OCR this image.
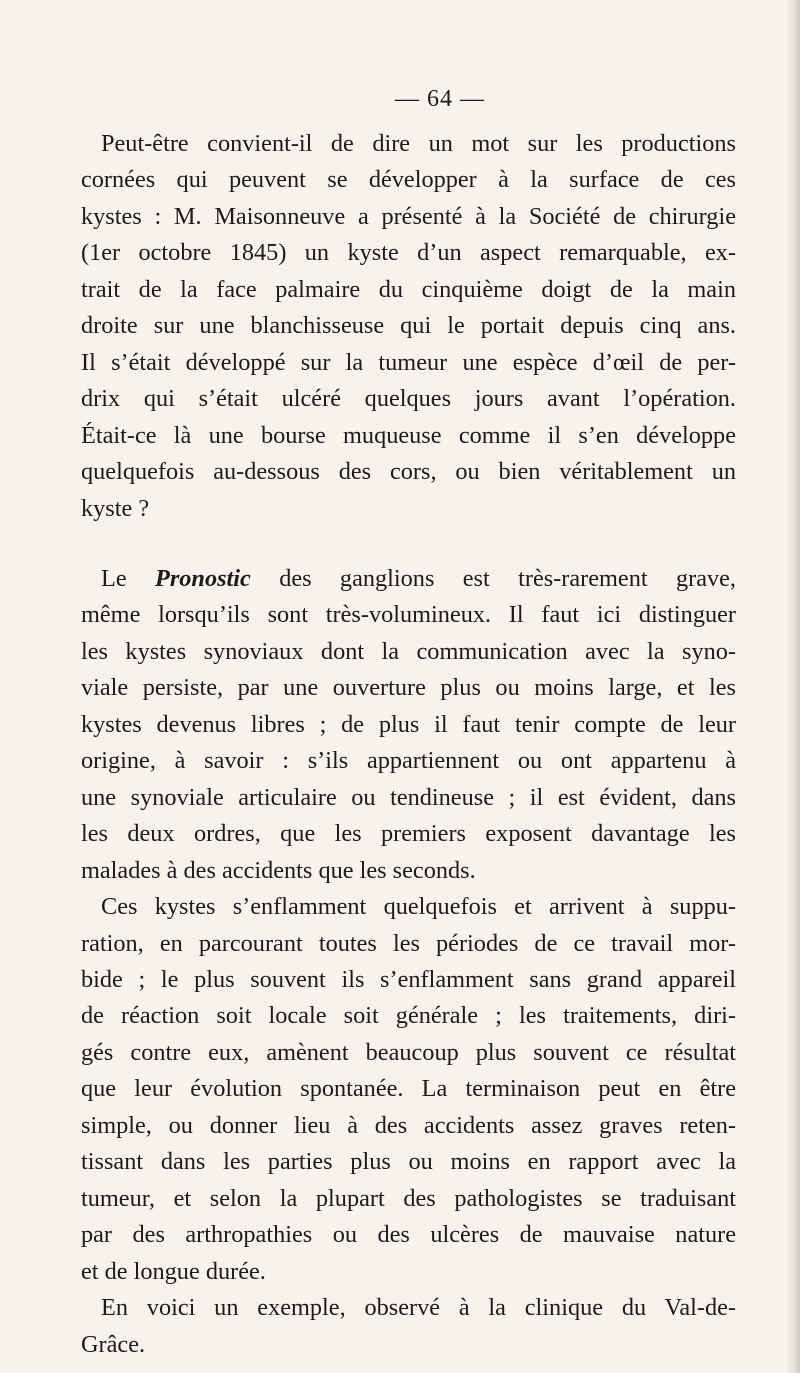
— 64 —

Peut-être convient-il de dire un mot sur les productions
cornées qui peuvent se développer à la surface de ces
kystes : M. Maisonneuve a présenté à la Société de chirurgie
(1er octobre 1845) un kyste d’un aspect remarquable, ex-
trait de la face palmaire du cinquième doigt de la main
droite sur une blanchisseuse qui le portait depuis cinq ans.
Il s’était développé sur la tumeur une espèce d’œil de per-
drix qui s’était ulcéré quelques jours avant l’opération.
Était-ce là une bourse muqueuse comme il s’en développe
quelquefois au-dessous des cors, ou bien véritablement un
kyste ?

Le Pronostic des ganglions est très-rarement grave,
même lorsqu’ils sont très-volumineux. Il faut ici distinguer
les kystes synoviaux dont la communication avec la syno-
viale persiste, par une ouverture plus ou moins large, et les
kystes devenus libres ; de plus il faut tenir compte de leur
origine, à savoir : s’ils appartiennent ou ont appartenu à
une synoviale articulaire ou tendineuse ; il est évident, dans
les deux ordres, que les premiers exposent davantage les
malades à des accidents que les seconds.

Ces kystes s’enflamment quelquefois et arrivent à suppu-
ration, en parcourant toutes les périodes de ce travail mor-
bide ; le plus souvent ils s’enflamment sans grand appareil
de réaction soit locale soit générale ; les traitements, diri-
gés contre eux, amènent beaucoup plus souvent ce résultat
que leur évolution spontanée. La terminaison peut en être
simple, ou donner lieu à des accidents assez graves reten-
tissant dans les parties plus ou moins en rapport avec la
tumeur, et selon la plupart des pathologistes se traduisant
par des arthropathies ou des ulcères de mauvaise nature
et de longue durée.

En voici un exemple, observé à la clinique du Val-de-
Grâce.
